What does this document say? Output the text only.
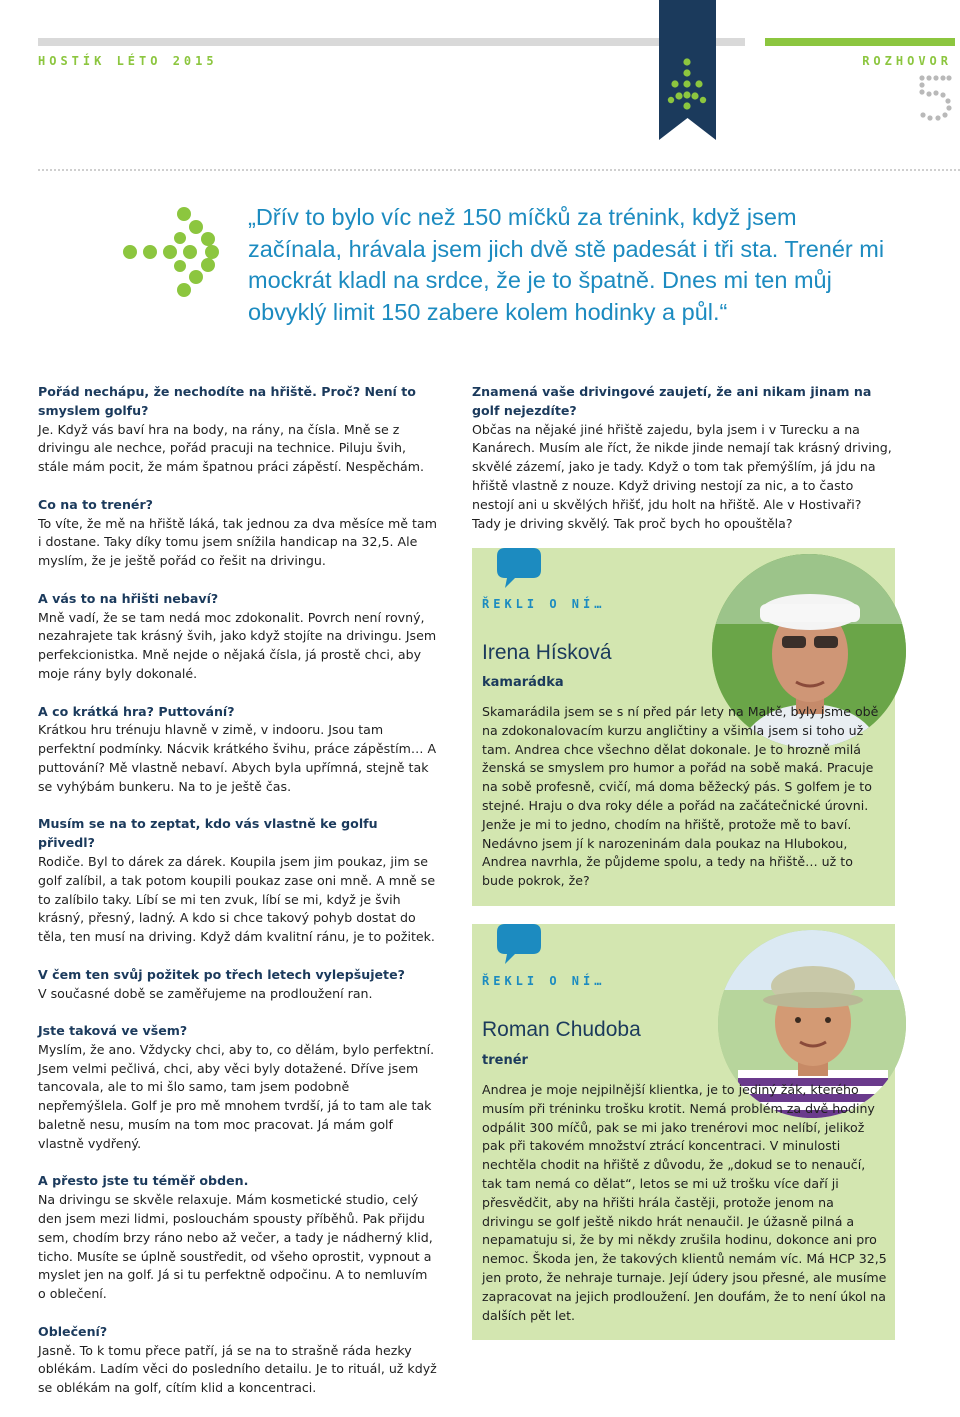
HOSTÍK LÉTO 2015	ROZHOVOR
„Dřív to bylo víc než 150 míčků za trénink, když jsem začínala, hrávala jsem jich dvě stě padesát i tři sta. Trenér mi mockrát kladl na srdce, že je to špatně. Dnes mi ten můj obvyklý limit 150 zabere kolem hodinky a půl.“

Pořád nechápu, že nechodíte na hřiště. Proč? Není to smyslem golfu?
Je. Když vás baví hra na body, na rány, na čísla. Mně se z drivingu ale nechce, pořád pracuji na technice. Piluju švih, stále mám pocit, že mám špatnou práci zápěstí. Nespěchám.

Co na to trenér?
To víte, že mě na hřiště láká, tak jednou za dva měsíce mě tam i dostane. Taky díky tomu jsem snížila handicap na 32,5. Ale myslím, že je ještě pořád co řešit na drivingu.

A vás to na hřišti nebaví?
Mně vadí, že se tam nedá moc zdokonalit. Povrch není rovný, nezahrajete tak krásný švih, jako když stojíte na drivingu. Jsem perfekcionistka. Mně nejde o nějaká čísla, já prostě chci, aby moje rány byly dokonalé.

A co krátká hra? Puttování?
Krátkou hru trénuju hlavně v zimě, v indooru. Jsou tam perfektní podmínky. Nácvik krátkého švihu, práce zápěstím… A puttování? Mě vlastně nebaví. Abych byla upřímná, stejně tak se vyhýbám bunkeru. Na to je ještě čas.

Musím se na to zeptat, kdo vás vlastně ke golfu přivedl?
Rodiče. Byl to dárek za dárek. Koupila jsem jim poukaz, jim se golf zalíbil, a tak potom koupili poukaz zase oni mně. A mně se to zalíbilo taky. Líbí se mi ten zvuk, líbí se mi, když je švih krásný, přesný, ladný. A kdo si chce takový pohyb dostat do těla, ten musí na driving. Když dám kvalitní ránu, je to požitek.

V čem ten svůj požitek po třech letech vylepšujete?
V současné době se zaměřujeme na prodloužení ran.

Jste taková ve všem?
Myslím, že ano. Vždycky chci, aby to, co dělám, bylo perfektní. Jsem velmi pečlivá, chci, aby věci byly dotažené. Dříve jsem tancovala, ale to mi šlo samo, tam jsem podobně nepřemýšlela. Golf je pro mě mnohem tvrdší, já to tam ale tak baletně nesu, musím na tom moc pracovat. Já mám golf vlastně vydřený.

A přesto jste tu téměř obden.
Na drivingu se skvěle relaxuje. Mám kosmetické studio, celý den jsem mezi lidmi, poslouchám spousty příběhů. Pak přijdu sem, chodím brzy ráno nebo až večer, a tady je nádherný klid, ticho. Musíte se úplně soustředit, od všeho oprostit, vypnout a myslet jen na golf. Já si tu perfektně odpočinu. A to nemluvím o oblečení.

Oblečení?
Jasně. To k tomu přece patří, já se na to strašně ráda hezky oblékám. Ladím věci do posledního detailu. Je to rituál, už když se oblékám na golf, cítím klid a koncentraci.

Znamená vaše drivingové zaujetí, že ani nikam jinam na golf nejezdíte?
Občas na nějaké jiné hřiště zajedu, byla jsem i v Turecku a na Kanárech. Musím ale říct, že nikde jinde nemají tak krásný driving, skvělé zázemí, jako je tady. Když o tom tak přemýšlím, já jdu na hřiště vlastně z nouze. Když driving nestojí za nic, a to často nestojí ani u skvělých hřišť, jdu holt na hřiště. Ale v Hostivaři? Tady je driving skvělý. Tak proč bych ho opouštěla?

ŘEKLI O NÍ…
Irena Hísková
kamarádka
Skamarádila jsem se s ní před pár lety na Maltě, byly jsme obě na zdokonalovacím kurzu angličtiny a všimla jsem si toho už tam. Andrea chce všechno dělat dokonale. Je to hrozně milá ženská se smyslem pro humor a pořád na sobě maká. Pracuje na sobě profesně, cvičí, má doma běžecký pás. S golfem je to stejné. Hraju o dva roky déle a pořád na začátečnické úrovni. Jenže je mi to jedno, chodím na hřiště, protože mě to baví. Nedávno jsem jí k narozeninám dala poukaz na Hlubokou, Andrea navrhla, že půjdeme spolu, a tedy na hřiště… už to bude pokrok, že?
ŘEKLI O NÍ…
Roman Chudoba
trenér
Andrea je moje nejpilnější klientka, je to jediný žák, kterého musím při tréninku trošku krotit. Nemá problém za dvě hodiny odpálit 300 míčů, pak se mi jako trenérovi moc nelíbí, jelikož pak při takovém množství ztrácí koncentraci. V minulosti nechtěla chodit na hřiště z důvodu, že „dokud se to nenaučí, tak tam nemá co dělat“, letos se mi už trošku více daří ji přesvědčit, aby na hřišti hrála častěji, protože jenom na drivingu se golf ještě nikdo hrát nenaučil. Je úžasně pilná a nepamatuju si, že by mi někdy zrušila hodinu, dokonce ani pro nemoc. Škoda jen, že takových klientů nemám víc. Má HCP 32,5 jen proto, že nehraje turnaje. Její údery jsou přesné, ale musíme zapracovat na jejich prodloužení. Jen doufám, že to není úkol na dalších pět let.
